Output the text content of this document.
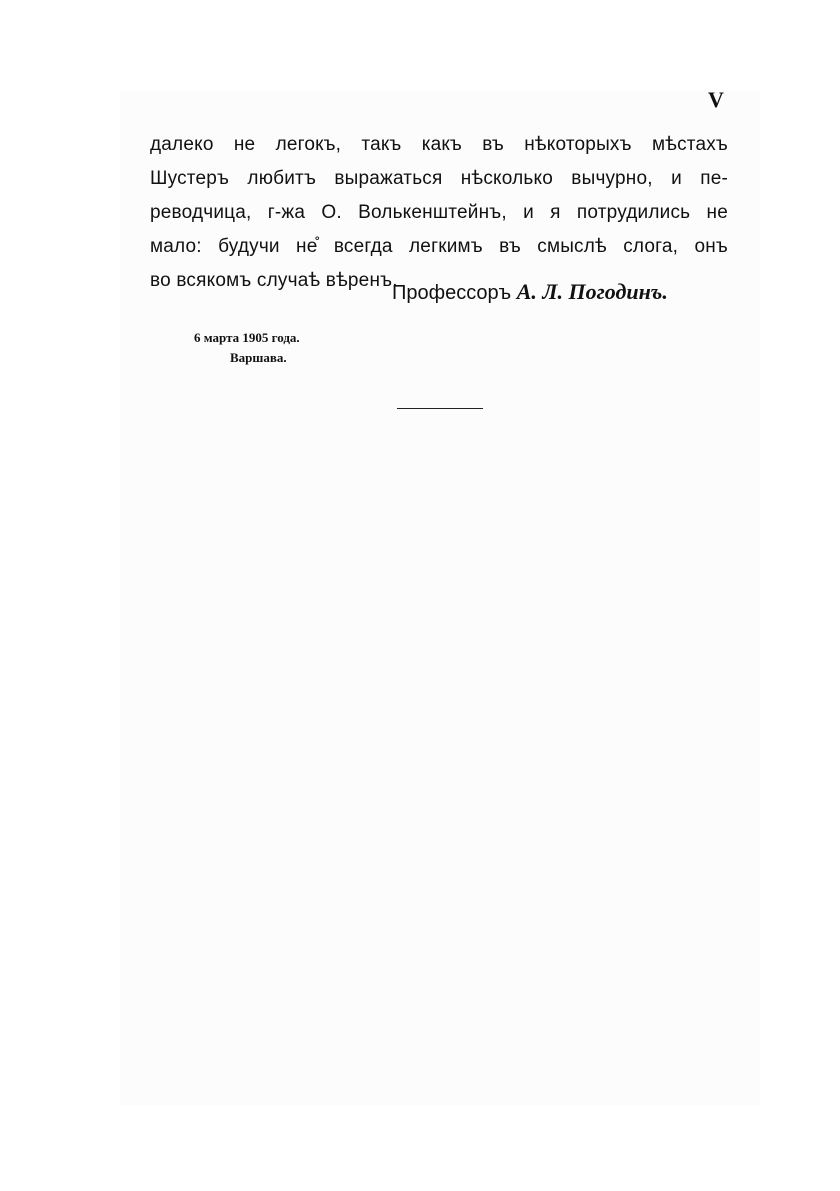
V
далеко не легокъ, такъ какъ въ нѣкоторыхъ мѣстахъ
Шустеръ любитъ выражаться нѣсколько вычурно, и пе-
реводчица, г-жа О. Волькенштейнъ, и я потрудились не
мало: будучи не̊ всегда легкимъ въ смыслѣ слога, онъ
во всякомъ случаѣ вѣренъ.
Профессоръ А. Л. Погодинъ.
6 марта 1905 года.
Варшава.
